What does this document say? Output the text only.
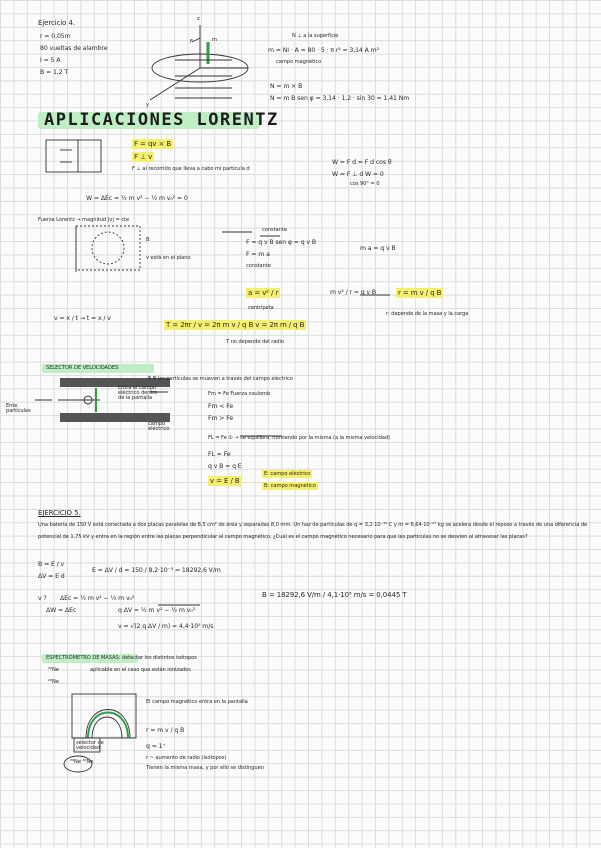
Ejercicio 4.
r = 0,05m
80 vueltas de alambre
I = 5 A
B = 1,2 T
z
y
m
F
N ⊥ a la superficie
m = NI · A = 80 · 5 · π r² = 3,14 A m²
campo magnético
N = m × B
N = m B sen φ = 3,14 · 1,2 · sin 30 = 1,41 Nm
APLICACIONES LORENTZ
F = qv × B
F ⊥ v
F ⊥ al recorrido que lleva a cabo mi partícula d
W = F d = F d cos θ
W = F ⊥ d W = 0
cos 90° = 0
W = ΔEc = ½ m v² − ½ m v₀² = 0
Fuerza Lorentz → magnitud |v| = cte
B
v está en el plano
constante
F = q v B sen φ = q v B
F = m a
m a = q v B
constante
a = v² / r
centrípeta
m v² / r = q v B	r = m v / q B
r: depende de la masa y la carga
v = x / t → t = x / v
T = 2πr / v = 2π m v / q B v = 2π m / q B
T no depende del radio
SELECTOR DE VELOCIDADES
Ente partículas
Entra el campo eléctrico dentro de la pantalla
campo eléctrico
E B las partículas se mueven a través del campo eléctrico
Fm = Fe Fuerza coulomb
Fm < Fe
Fm > Fe
FL = Fe ① → se equilibra, moviendo por la misma (a la misma velocidad)
FL = Fe
q v B = q E
v = E / B
E: campo eléctrico
B: campo magnético
EJERCICIO 5.
Una batería de 150 V está conectada a dos placas paralelas de 8,5 cm² de área y separadas 8,0 mm. Un haz de partículas de q = 3,2·10⁻¹⁹ C y m = 6,64·10⁻²⁷ kg se acelera desde el reposo a través de una diferencia de potencial de 1,75 kV y entra en la región entre las placas perpendicular al campo magnético, ¿Cuál es el campo magnético necesario para que las partículas no se desvíen al atravesar las placas?
B = E / v
ΔV = E d
E = ΔV / d = 150 / 8,2·10⁻³ = 18292,6 V/m
v ? ΔEc = ½ m v² − ½ m v₀²
ΔW = ΔEc	q ΔV = ½ m v² − ½ m v₀²
v = √(2 q ΔV / m) = 4,4·10⁵ m/s
B = 18292,6 V/m / 4,1·10⁵ m/s = 0,0445 T
ESPECTRÓMETRO DE MASAS: detectar los distintos isótopos
²⁰Ne
²²Ne
aplicable en el caso que están ionizados
El campo magnético entra en la pantalla
r = m v / q B
q = 1⁺
selector de velocidad
r ~ aumento de radio (isótopos)
Tienen la misma masa, y por ello se distinguen
²⁰Ne ²²Ne
